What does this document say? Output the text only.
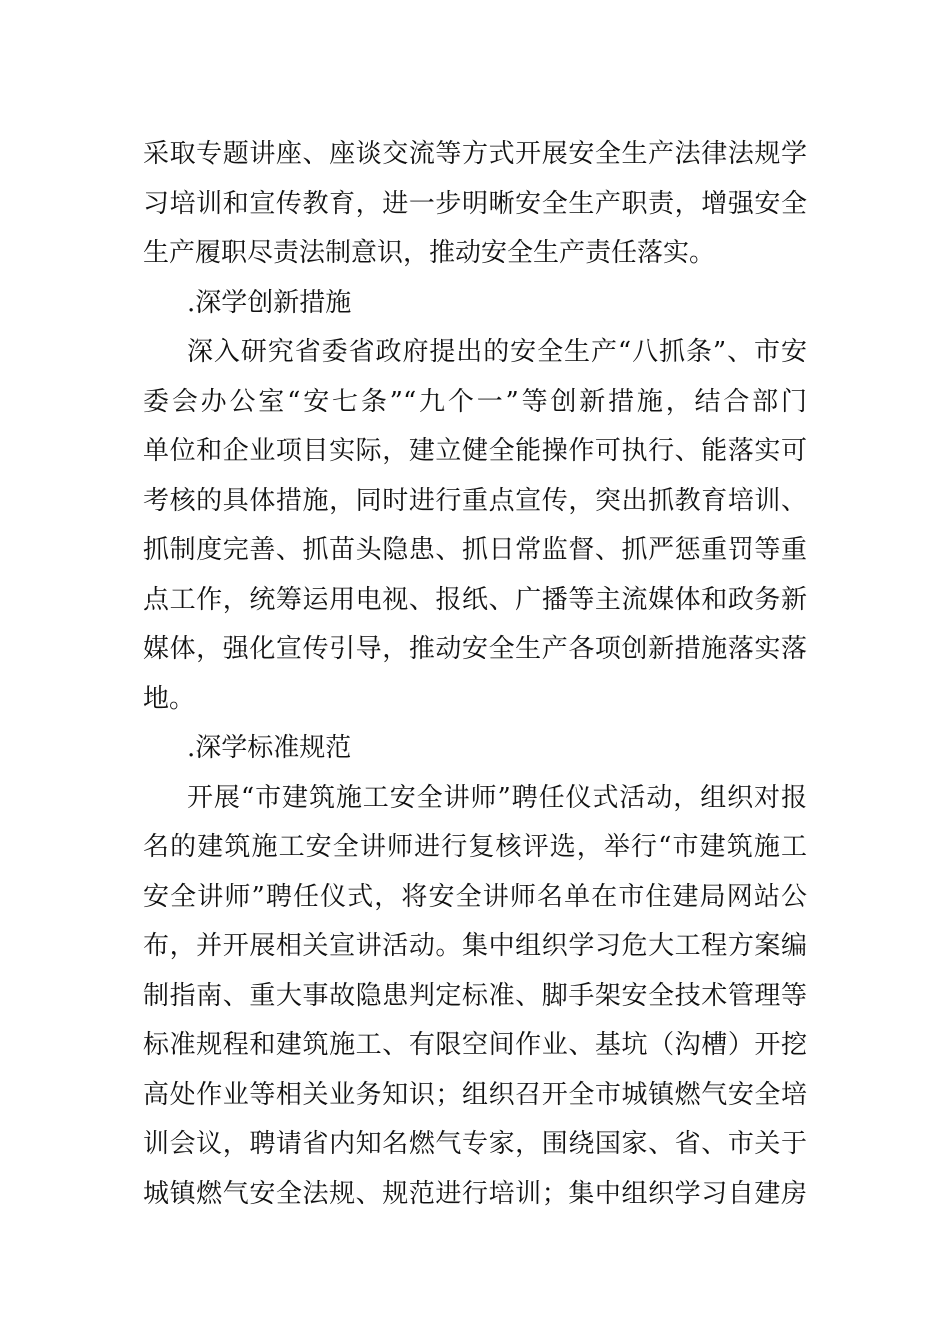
采取专题讲座、座谈交流等方式开展安全生产法律法规学
习培训和宣传教育，进一步明晰安全生产职责，增强安全
生产履职尽责法制意识，推动安全生产责任落实。
.深学创新措施
深入研究省委省政府提出的安全生产“八抓条”、市安
委会办公室“安七条”“九个一”等创新措施，结合部门
单位和企业项目实际，建立健全能操作可执行、能落实可
考核的具体措施，同时进行重点宣传，突出抓教育培训、
抓制度完善、抓苗头隐患、抓日常监督、抓严惩重罚等重
点工作，统筹运用电视、报纸、广播等主流媒体和政务新
媒体，强化宣传引导，推动安全生产各项创新措施落实落
地。
.深学标准规范
开展“市建筑施工安全讲师”聘任仪式活动，组织对报
名的建筑施工安全讲师进行复核评选，举行“市建筑施工
安全讲师”聘任仪式，将安全讲师名单在市住建局网站公
布，并开展相关宣讲活动。集中组织学习危大工程方案编
制指南、重大事故隐患判定标准、脚手架安全技术管理等
标准规程和建筑施工、有限空间作业、基坑（沟槽）开挖
高处作业等相关业务知识；组织召开全市城镇燃气安全培
训会议，聘请省内知名燃气专家，围绕国家、省、市关于
城镇燃气安全法规、规范进行培训；集中组织学习自建房
